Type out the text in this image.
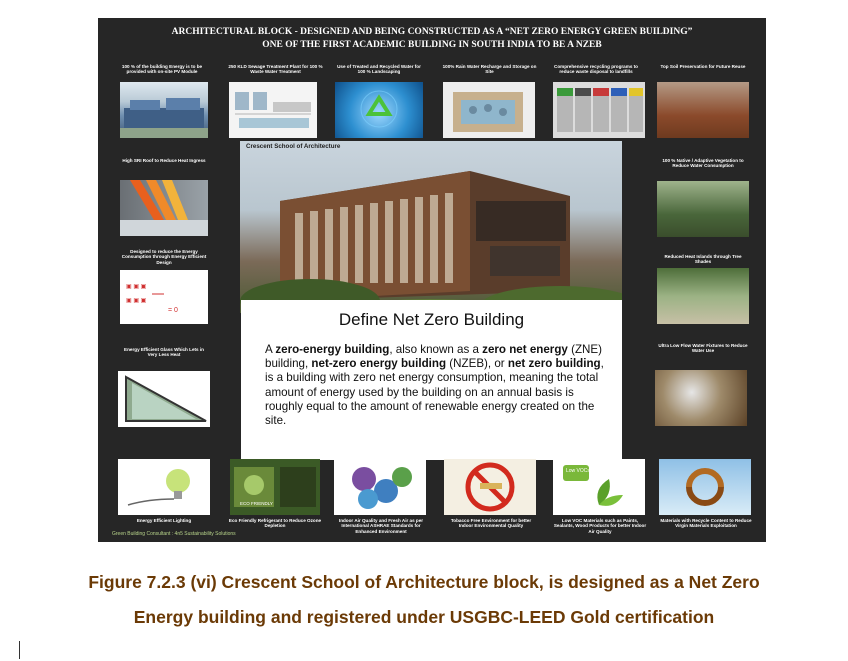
ARCHITECTURAL BLOCK - DESIGNED AND BEING CONSTRUCTED AS A “NET ZERO ENERGY GREEN BUILDING”
ONE OF THE FIRST ACADEMIC BUILDING IN SOUTH INDIA TO BE A NZEB
100 % of the building Energy is to be provided with on-site PV Module
250 KLD Sewage Treatment Plant for 100 % Waste Water Treatment
Use of Treated and Recycled Water for 100 % Landscaping
100% Rain Water Recharge and Storage on Site
Comprehensive recycling programs to reduce waste disposal to landfills
Top Soil Preservation for Future Reuse
Crescent School of Architecture
Define Net Zero Building
A zero-energy building, also known as a zero net energy (ZNE) building, net-zero energy building (NZEB), or net zero building, is a building with zero net energy consumption, meaning the total amount of energy used by the building on an annual basis is roughly equal to the amount of renewable energy created on the site.
High SRI Roof to Reduce Heat Ingress
Designed to reduce the Energy Consumption through Energy Efficient Design
▣ ▣ ▣
▣ ▣ ▣
= 0
Energy Efficient Glass Which Lets in Very Less Heat
100 % Native / Adaptive Vegetation to Reduce Water Consumption
Reduced Heat Islands through Tree Shades
Ultra Low Flow Water Fixtures to Reduce Water Use
ECO FRIENDLY
Low VOCs
Energy Efficient Lighting	Eco Friendly Refrigerant to Reduce Ozone Depletion
Indoor Air Quality and Fresh Air as per International ASHRAE Standards for Enhanced Environment
Tobacco Free Environment for better Indoor Environmental Quality
Low VOC Materials such as Paints, Sealants, Wood Products for better Indoor Air Quality
Materials with Recycle Content to Reduce Virgin Materials Exploitation
Green Building Consultant : 4n5 Sustainability Solutions
Figure 7.2.3 (vi) Crescent School of Architecture block, is designed as a Net Zero
Energy building and registered under USGBC-LEED Gold certification
